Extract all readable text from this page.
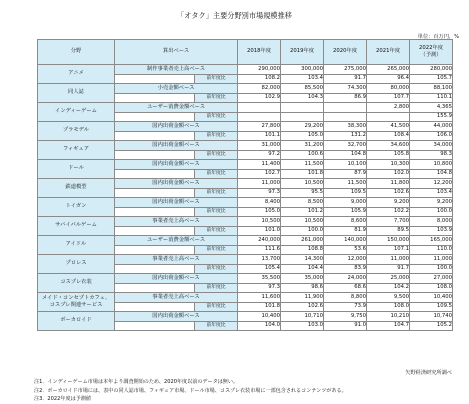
「オタク」主要分野別市場規模推移
単位：百万円，%
分野	算出ベース		2018年度	2019年度	2020年度	2021年度	2022年度
（予測）
アニメ	制作事業者売上高ベース		290,000	300,000	275,000	265,000	280,000
		前年度比	108.2	103.4	91.7	96.4	105.7
同人誌	小売金額ベース		82,000	85,500	74,300	80,000	88,100
		前年度比	102.9	104.3	86.9	107.7	110.1
インディーゲーム	ユーザー消費金額ベース					2,800	4,365
		前年度比					155.9
プラモデル	国内出荷金額ベース		27,800	29,200	38,300	41,500	44,000
		前年度比	101.1	105.0	131.2	108.4	106.0
フィギュア	国内出荷金額ベース		31,000	31,200	32,700	34,600	34,000
		前年度比	97.2	100.6	104.8	105.8	98.3
ドール	国内出荷金額ベース		11,400	11,500	10,100	10,300	10,800
		前年度比	102.7	101.8	87.9	102.0	104.8
鉄道模型	国内出荷金額ベース		11,000	10,500	11,500	11,800	12,200
		前年度比	97.3	95.5	109.5	102.6	103.4
トイガン	国内出荷金額ベース		8,400	8,500	9,000	9,200	9,200
		前年度比	105.0	101.2	105.9	102.2	100.0
サバイバルゲーム	事業者売上高ベース		10,500	10,500	8,600	7,700	8,000
		前年度比	101.0	100.0	81.9	89.5	103.9
アイドル	ユーザー消費金額ベース		240,000	261,000	140,000	150,000	165,000
		前年度比	111.6	108.8	53.6	107.1	110.0
プロレス	事業者売上高ベース		13,700	14,300	12,000	11,000	11,000
		前年度比	105.4	104.4	83.9	91.7	100.0
コスプレ衣装	国内出荷金額ベース		35,500	35,000	24,000	25,000	27,000
		前年度比	97.3	98.6	68.6	104.2	108.0
メイド・コンセプトカフェ、
コスプレ関連サービス	事業者売上高ベース		11,600	11,900	8,800	9,500	10,400
		前年度比	101.8	102.6	73.9	108.0	109.5
ボーカロイド	国内出荷金額ベース		10,400	10,710	9,750	10,210	10,740
		前年度比	104.0	103.0	91.0	104.7	105.2
矢野経済研究所調べ
注1．インディーゲーム市場は本年より調査開始のため、2020年度以前のデータは無い。
注2．ボーカロイド市場には、表中の同人誌市場、フィギュア市場、ドール市場、コスプレ衣装市場に一部包含されるコンテンツがある。
注3．2022年度は予測値
